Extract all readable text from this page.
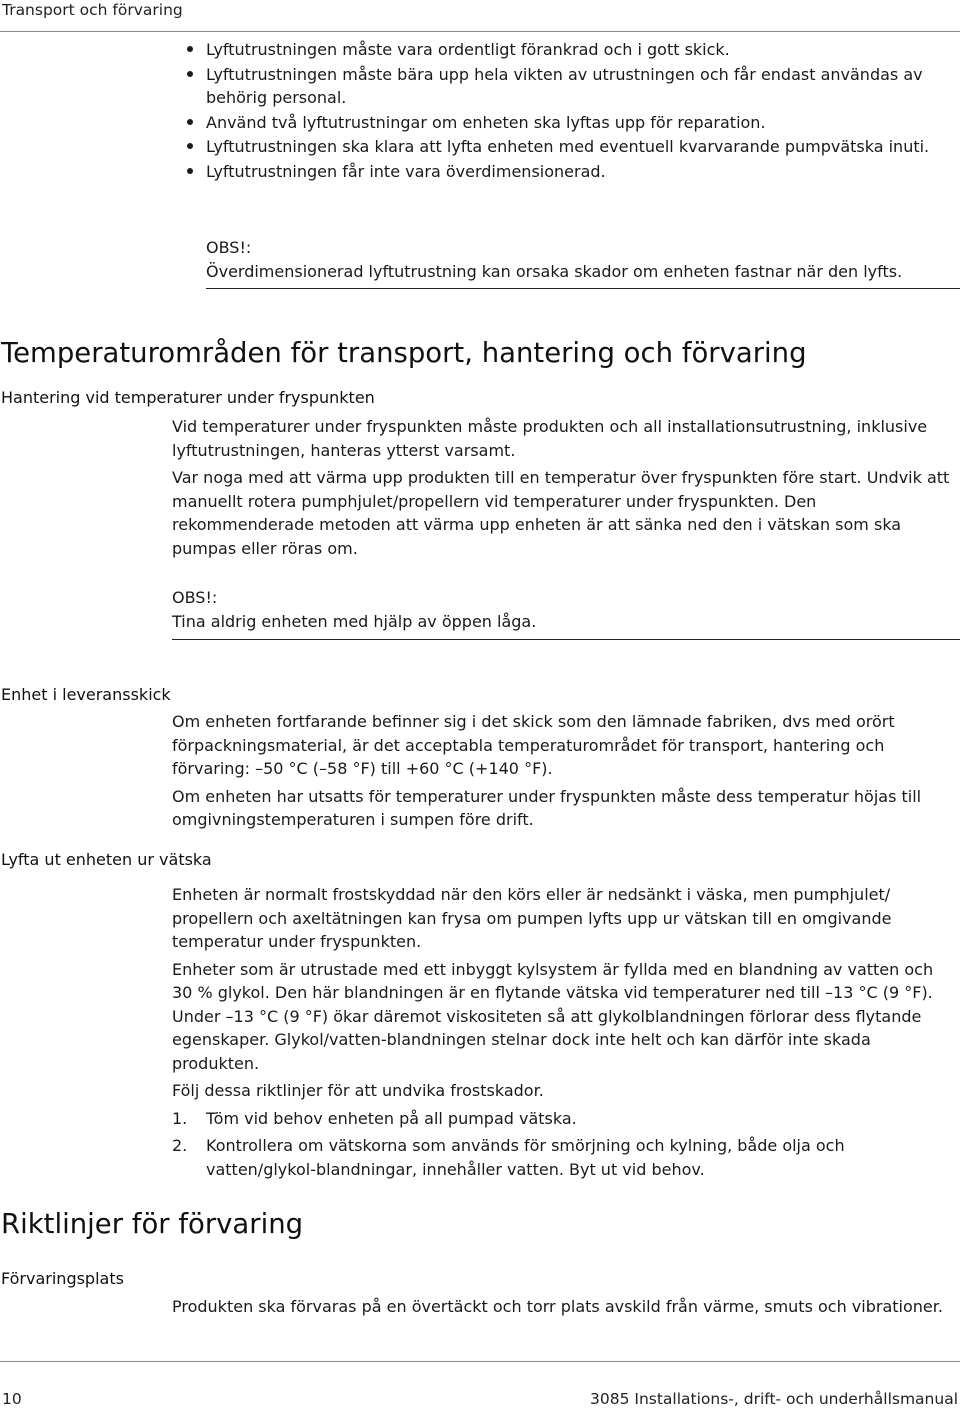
Transport och förvaring
Lyftutrustningen måste vara ordentligt förankrad och i gott skick.
Lyftutrustningen måste bära upp hela vikten av utrustningen och får endast användas av behörig personal.
Använd två lyftutrustningar om enheten ska lyftas upp för reparation.
Lyftutrustningen ska klara att lyfta enheten med eventuell kvarvarande pumpvätska inuti.
Lyftutrustningen får inte vara överdimensionerad.
OBS!:
Överdimensionerad lyftutrustning kan orsaka skador om enheten fastnar när den lyfts.
Temperaturområden för transport, hantering och förvaring
Hantering vid temperaturer under fryspunkten

Vid temperaturer under fryspunkten måste produkten och all installationsutrustning, inklusive lyftutrustningen, hanteras ytterst varsamt.

Var noga med att värma upp produkten till en temperatur över fryspunkten före start. Undvik att manuellt rotera pumphjulet/propellern vid temperaturer under fryspunkten. Den rekommenderade metoden att värma upp enheten är att sänka ned den i vätskan som ska pumpas eller röras om.

OBS!:
Tina aldrig enheten med hjälp av öppen låga.
Enhet i leveransskick

Om enheten fortfarande befinner sig i det skick som den lämnade fabriken, dvs med orört förpackningsmaterial, är det acceptabla temperaturområdet för transport, hantering och förvaring: –50 °C (–58 °F) till +60 °C (+140 °F).

Om enheten har utsatts för temperaturer under fryspunkten måste dess temperatur höjas till omgivningstemperaturen i sumpen före drift.

Lyfta ut enheten ur vätska

Enheten är normalt frostskyddad när den körs eller är nedsänkt i väska, men pumphjulet/ propellern och axeltätningen kan frysa om pumpen lyfts upp ur vätskan till en omgivande temperatur under fryspunkten.

Enheter som är utrustade med ett inbyggt kylsystem är fyllda med en blandning av vatten och 30 % glykol. Den här blandningen är en flytande vätska vid temperaturer ned till –13 °C (9 °F). Under –13 °C (9 °F) ökar däremot viskositeten så att glykolblandningen förlorar dess flytande egenskaper. Glykol/vatten-blandningen stelnar dock inte helt och kan därför inte skada produkten.

Följ dessa riktlinjer för att undvika frostskador.

1. Töm vid behov enheten på all pumpad vätska.
2. Kontrollera om vätskorna som används för smörjning och kylning, både olja och vatten/glykol-blandningar, innehåller vatten. Byt ut vid behov.
Riktlinjer för förvaring
Förvaringsplats

Produkten ska förvaras på en övertäckt och torr plats avskild från värme, smuts och vibrationer.

10	3085 Installations-, drift- och underhållsmanual
